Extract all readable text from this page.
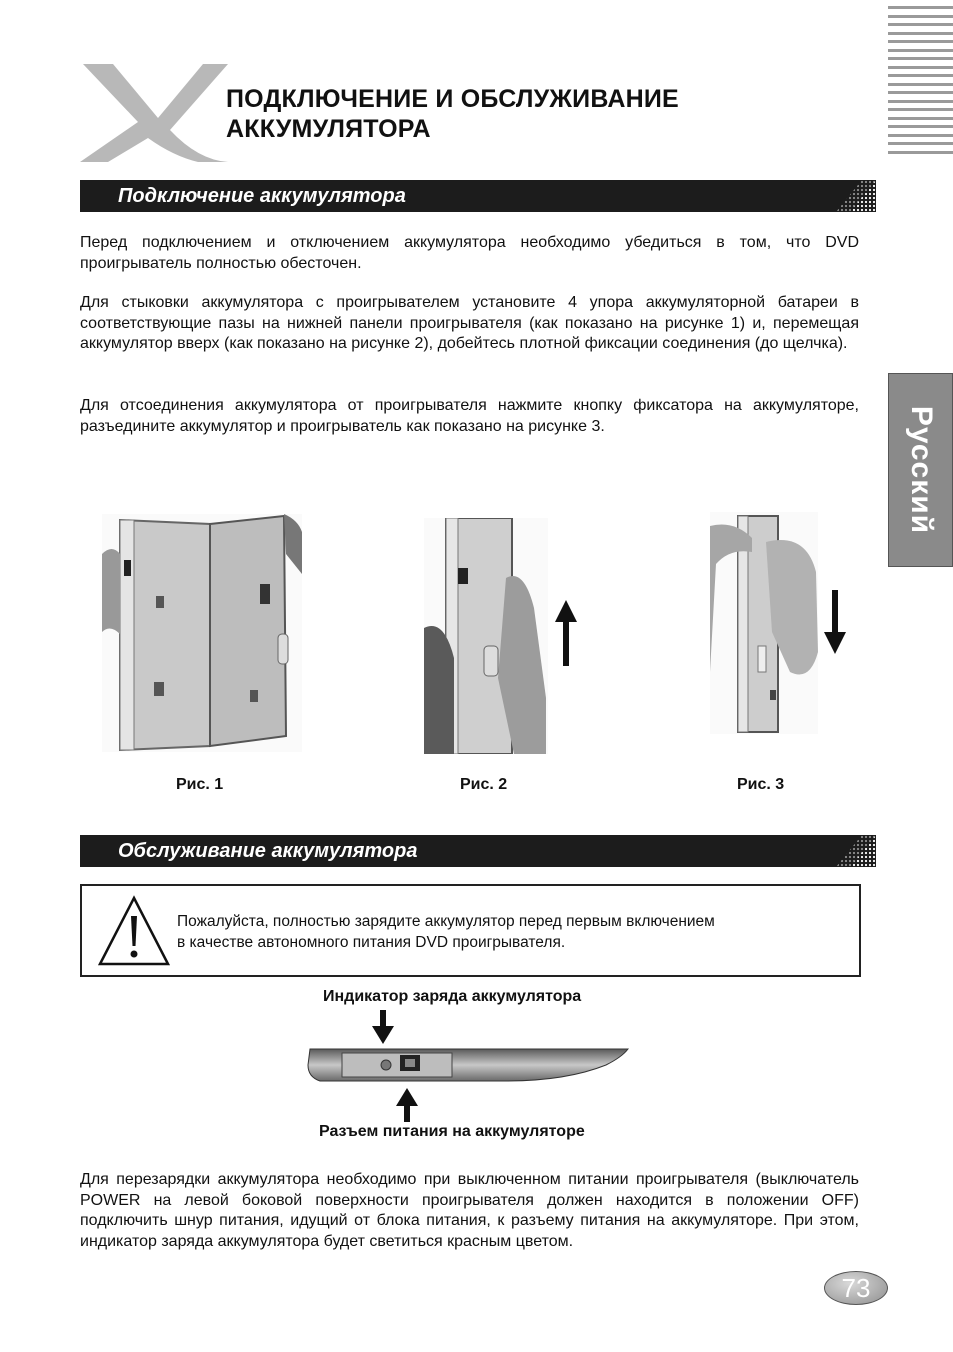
ПОДКЛЮЧЕНИЕ И ОБСЛУЖИВАНИЕ
АККУМУЛЯТОРА
Подключение аккумулятора
Перед подключением и отключением аккумулятора необходимо убедиться в том, что DVD проигрыватель полностью обесточен.
Для стыковки аккумулятора с проигрывателем установите 4 упора аккумуляторной батареи в соответствующие пазы на нижней панели проигрывателя (как показано на рисунке 1) и, перемещая аккумулятор вверх (как показано на рисунке 2), добейтесь плотной фиксации соединения (до щелчка).
Для отсоединения аккумулятора от проигрывателя нажмите кнопку фиксатора на аккумуляторе, разъедините аккумулятор и проигрыватель как показано на рисунке 3.
Рис. 1	Рис. 2	Рис. 3
Обслуживание аккумулятора
Пожалуйста, полностью зарядите аккумулятор перед первым включением
в качестве автономного питания DVD проигрывателя.
Индикатор заряда аккумулятора
Разъем питания на аккумуляторе
Для перезарядки аккумулятора необходимо при выключенном питании проигрывателя (выключатель POWER на левой боковой поверхности проигрывателя должен находится в положении OFF) подключить шнур питания, идущий от блока питания, к разъему питания на аккумуляторе. При этом, индикатор заряда аккумулятора будет светиться красным цветом.
Русский
73
